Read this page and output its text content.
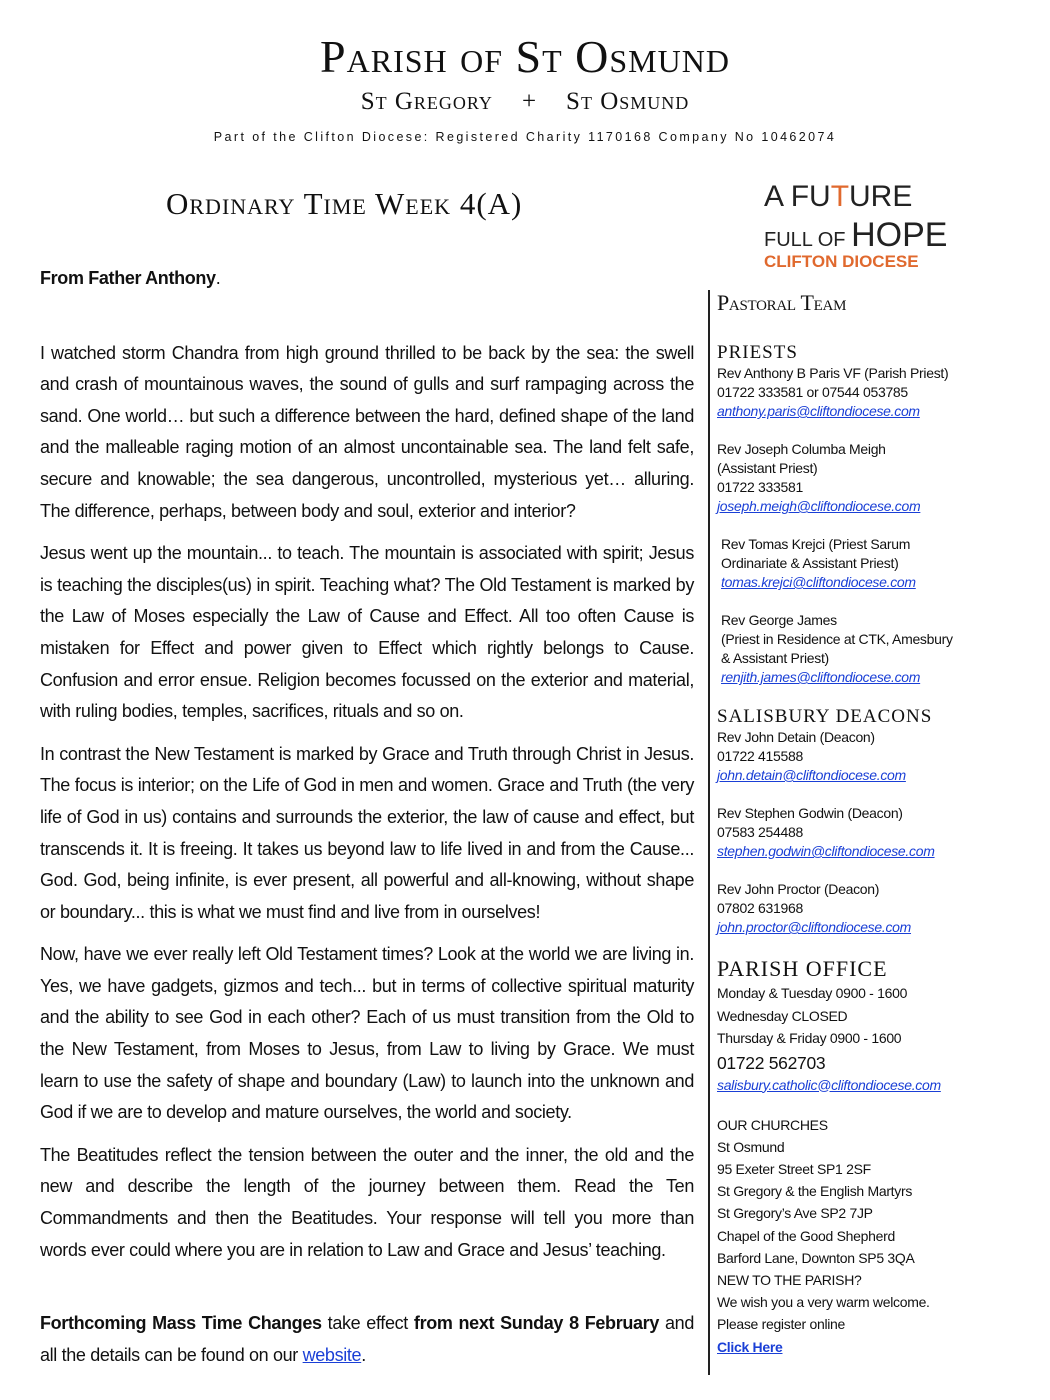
Parish of St Osmund
St Gregory + St Osmund
Part of the Clifton Diocese: Registered Charity 1170168 Company No 10462074
Ordinary Time Week 4(A)	A FUTURE
FULL OF HOPE
CLIFTON DIOCESE

From Father Anthony.

I watched storm Chandra from high ground thrilled to be back by the sea: the swell and crash of mountainous waves, the sound of gulls and surf rampaging across the sand. One world… but such a difference between the hard, defined shape of the land and the malleable raging motion of an almost uncontainable sea. The land felt safe, secure and knowable; the sea dangerous, uncontrolled, mysterious yet… alluring. The difference, perhaps, between body and soul, exterior and interior?

Jesus went up the mountain... to teach. The mountain is associated with spirit; Jesus is teaching the disciples(us) in spirit. Teaching what? The Old Testament is marked by the Law of Moses especially the Law of Cause and Effect. All too often Cause is mistaken for Effect and power given to Effect which rightly belongs to Cause. Confusion and error ensue. Religion becomes focussed on the exterior and material, with ruling bodies, temples, sacrifices, rituals and so on.

In contrast the New Testament is marked by Grace and Truth through Christ in Jesus. The focus is interior; on the Life of God in men and women. Grace and Truth (the very life of God in us) contains and surrounds the exterior, the law of cause and effect, but transcends it. It is freeing. It takes us beyond law to life lived in and from the Cause... God. God, being infinite, is ever present, all powerful and all-knowing, without shape or boundary... this is what we must find and live from in ourselves!

Now, have we ever really left Old Testament times? Look at the world we are living in. Yes, we have gadgets, gizmos and tech... but in terms of collective spiritual maturity and the ability to see God in each other? Each of us must transition from the Old to the New Testament, from Moses to Jesus, from Law to living by Grace. We must learn to use the safety of shape and boundary (Law) to launch into the unknown and God if we are to develop and mature ourselves, the world and society.

The Beatitudes reflect the tension between the outer and the inner, the old and the new and describe the length of the journey between them. Read the Ten Commandments and then the Beatitudes. Your response will tell you more than words ever could where you are in relation to Law and Grace and Jesus’ teaching.

Forthcoming Mass Time Changes take effect from next Sunday 8 February and all the details can be found on our website.

Pastoral Team
PRIESTS
Rev Anthony B Paris VF (Parish Priest)
01722 333581 or 07544 053785
anthony.paris@cliftondiocese.com
Rev Joseph Columba Meigh
(Assistant Priest)
01722 333581
joseph.meigh@cliftondiocese.com
Rev Tomas Krejci (Priest Sarum
Ordinariate & Assistant Priest)
tomas.krejci@cliftondiocese.com
Rev George James
(Priest in Residence at CTK, Amesbury
& Assistant Priest)
renjith.james@cliftondiocese.com
SALISBURY DEACONS
Rev John Detain (Deacon)
01722 415588
john.detain@cliftondiocese.com
Rev Stephen Godwin (Deacon)
07583 254488
stephen.godwin@cliftondiocese.com
Rev John Proctor (Deacon)
07802 631968
john.proctor@cliftondiocese.com
PARISH OFFICE
Monday & Tuesday 0900 - 1600
Wednesday CLOSED
Thursday & Friday 0900 - 1600
01722 562703
salisbury.catholic@cliftondiocese.com
OUR CHURCHES
St Osmund
95 Exeter Street SP1 2SF
St Gregory & the English Martyrs
St Gregory’s Ave SP2 7JP
Chapel of the Good Shepherd
Barford Lane, Downton SP5 3QA
NEW TO THE PARISH?
We wish you a very warm welcome.
Please register online
Click Here
